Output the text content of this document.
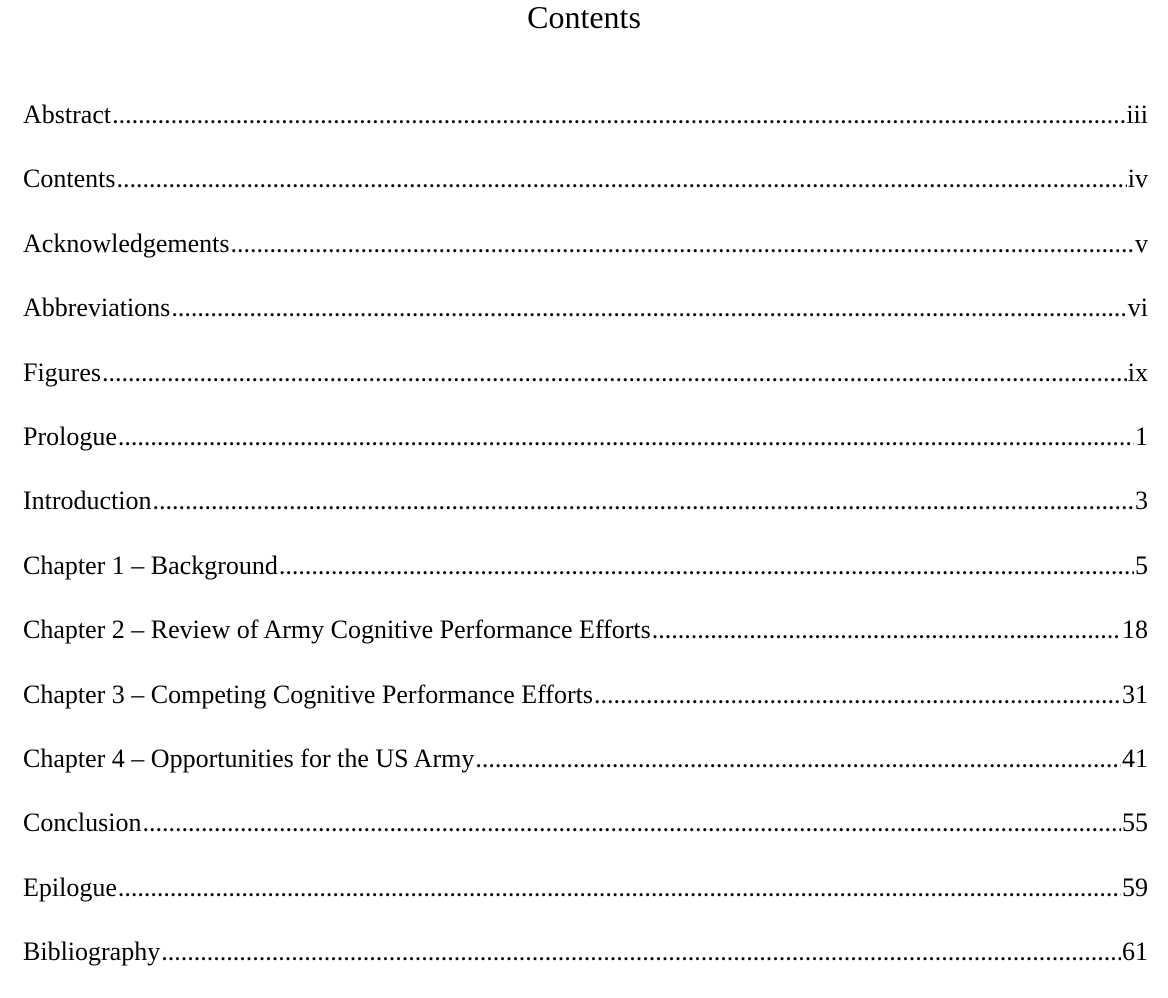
Contents
Abstract .....	iii
Contents .....	iv
Acknowledgements .....	v
Abbreviations .....	vi
Figures .....	ix
Prologue .....	1
Introduction .....	3
Chapter 1 – Background .....	5
Chapter 2 – Review of Army Cognitive Performance Efforts .....	18
Chapter 3 – Competing Cognitive Performance Efforts .....	31
Chapter 4 – Opportunities for the US Army .....	41
Conclusion .....	55
Epilogue .....	59
Bibliography .....	61
